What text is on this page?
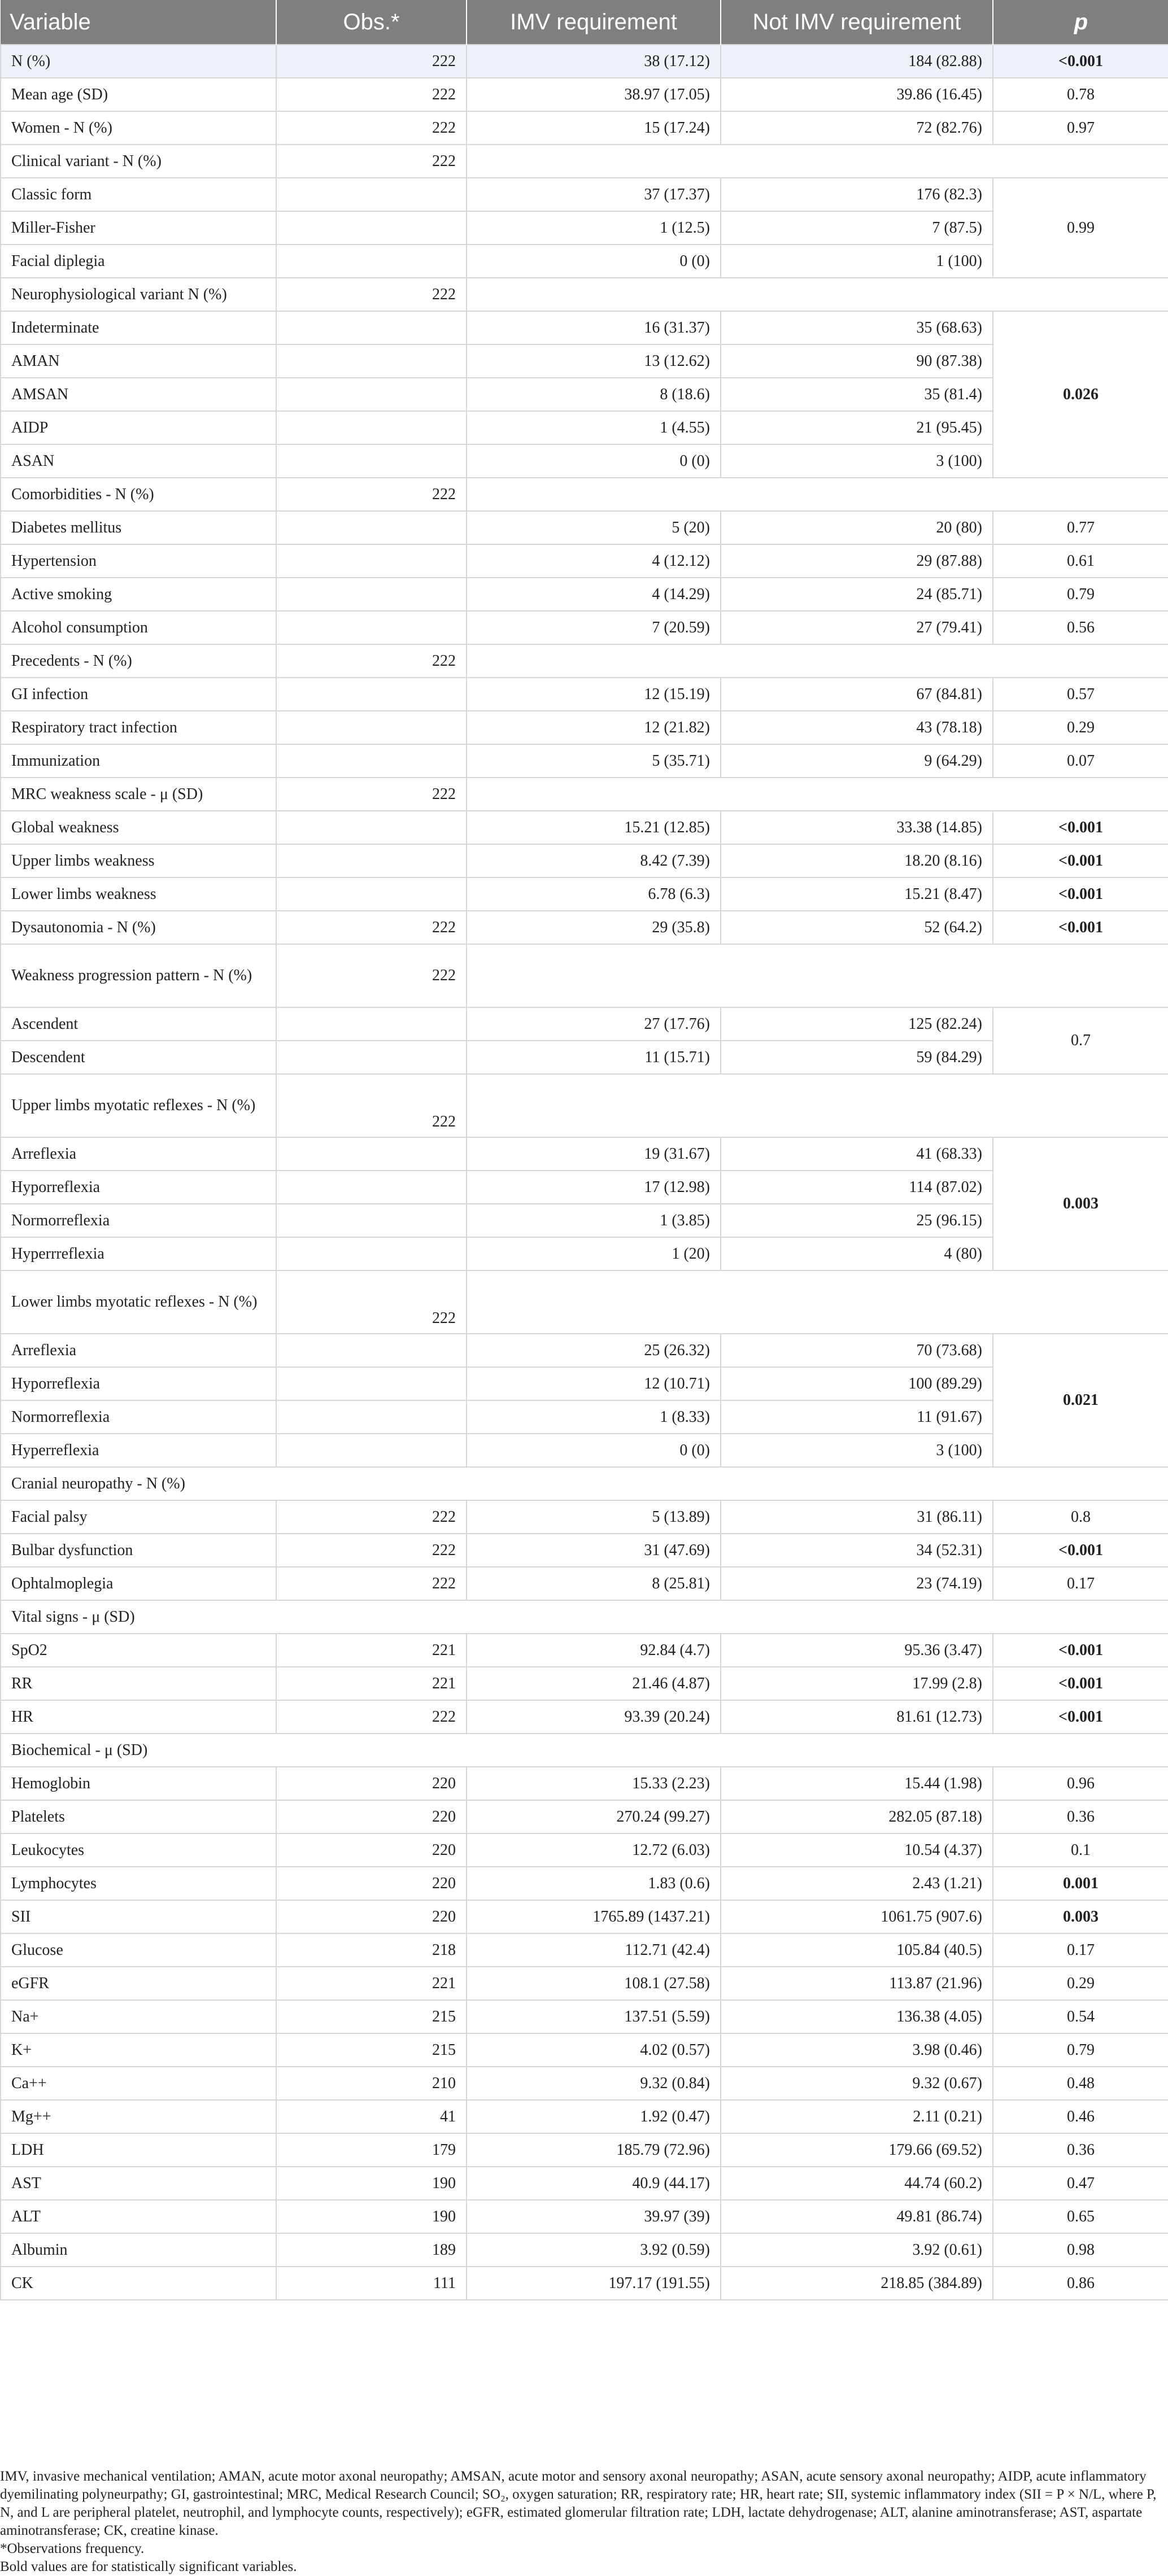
Variable	Obs.*	IMV requirement	Not IMV requirement	p
N (%)	222	38 (17.12)	184 (82.88)	<0.001
Mean age (SD)	222	38.97 (17.05)	39.86 (16.45)	0.78
Women - N (%)	222	15 (17.24)	72 (82.76)	0.97
Clinical variant - N (%)	222			
Classic form		37 (17.37)	176 (82.3)	0.99
Miller-Fisher		1 (12.5)	7 (87.5)	
Facial diplegia		0 (0)	1 (100)	
Neurophysiological variant N (%)	222			
Indeterminate		16 (31.37)	35 (68.63)	0.026
AMAN		13 (12.62)	90 (87.38)	
AMSAN		8 (18.6)	35 (81.4)	
AIDP		1 (4.55)	21 (95.45)	
ASAN		0 (0)	3 (100)	
Comorbidities - N (%)	222			
Diabetes mellitus		5 (20)	20 (80)	0.77
Hypertension		4 (12.12)	29 (87.88)	0.61
Active smoking		4 (14.29)	24 (85.71)	0.79
Alcohol consumption		7 (20.59)	27 (79.41)	0.56
Precedents - N (%)	222			
GI infection		12 (15.19)	67 (84.81)	0.57
Respiratory tract infection		12 (21.82)	43 (78.18)	0.29
Immunization		5 (35.71)	9 (64.29)	0.07
MRC weakness scale - μ (SD)	222			
Global weakness		15.21 (12.85)	33.38 (14.85)	<0.001
Upper limbs weakness		8.42 (7.39)	18.20 (8.16)	<0.001
Lower limbs weakness		6.78 (6.3)	15.21 (8.47)	<0.001
Dysautonomia - N (%)	222	29 (35.8)	52 (64.2)	<0.001
Weakness progression pattern - N (%)	222			
Ascendent		27 (17.76)	125 (82.24)	0.7
Descendent		11 (15.71)	59 (84.29)	
Upper limbs myotatic reflexes - N (%)	222			
Arreflexia		19 (31.67)	41 (68.33)	0.003
Hyporreflexia		17 (12.98)	114 (87.02)	
Normorreflexia		1 (3.85)	25 (96.15)	
Hyperrreflexia		1 (20)	4 (80)	
Lower limbs myotatic reflexes - N (%)	222			
Arreflexia		25 (26.32)	70 (73.68)	0.021
Hyporreflexia		12 (10.71)	100 (89.29)	
Normorreflexia		1 (8.33)	11 (91.67)	
Hyperreflexia		0 (0)	3 (100)	
Cranial neuropathy - N (%)				
Facial palsy	222	5 (13.89)	31 (86.11)	0.8
Bulbar dysfunction	222	31 (47.69)	34 (52.31)	<0.001
Ophtalmoplegia	222	8 (25.81)	23 (74.19)	0.17
Vital signs - μ (SD)				
SpO2	221	92.84 (4.7)	95.36 (3.47)	<0.001
RR	221	21.46 (4.87)	17.99 (2.8)	<0.001
HR	222	93.39 (20.24)	81.61 (12.73)	<0.001
Biochemical - μ (SD)				
Hemoglobin	220	15.33 (2.23)	15.44 (1.98)	0.96
Platelets	220	270.24 (99.27)	282.05 (87.18)	0.36
Leukocytes	220	12.72 (6.03)	10.54 (4.37)	0.1
Lymphocytes	220	1.83 (0.6)	2.43 (1.21)	0.001
SII	220	1765.89 (1437.21)	1061.75 (907.6)	0.003
Glucose	218	112.71 (42.4)	105.84 (40.5)	0.17
eGFR	221	108.1 (27.58)	113.87 (21.96)	0.29
Na+	215	137.51 (5.59)	136.38 (4.05)	0.54
K+	215	4.02 (0.57)	3.98 (0.46)	0.79
Ca++	210	9.32 (0.84)	9.32 (0.67)	0.48
Mg++	41	1.92 (0.47)	2.11 (0.21)	0.46
LDH	179	185.79 (72.96)	179.66 (69.52)	0.36
AST	190	40.9 (44.17)	44.74 (60.2)	0.47
ALT	190	39.97 (39)	49.81 (86.74)	0.65
Albumin	189	3.92 (0.59)	3.92 (0.61)	0.98
CK	111	197.17 (191.55)	218.85 (384.89)	0.86

IMV, invasive mechanical ventilation; AMAN, acute motor axonal neuropathy; AMSAN, acute motor and sensory axonal neuropathy; ASAN, acute sensory axonal neuropathy; AIDP, acute inflammatory dyemilinating polyneurpathy; GI, gastrointestinal; MRC, Medical Research Council; SO₂, oxygen saturation; RR, respiratory rate; HR, heart rate; SII, systemic inflammatory index (SII = P × N/L, where P, N, and L are peripheral platelet, neutrophil, and lymphocyte counts, respectively); eGFR, estimated glomerular filtration rate; LDH, lactate dehydrogenase; ALT, alanine aminotransferase; AST, aspartate aminotransferase; CK, creatine kinase.

*Observations frequency.

Bold values are for statistically significant variables.
